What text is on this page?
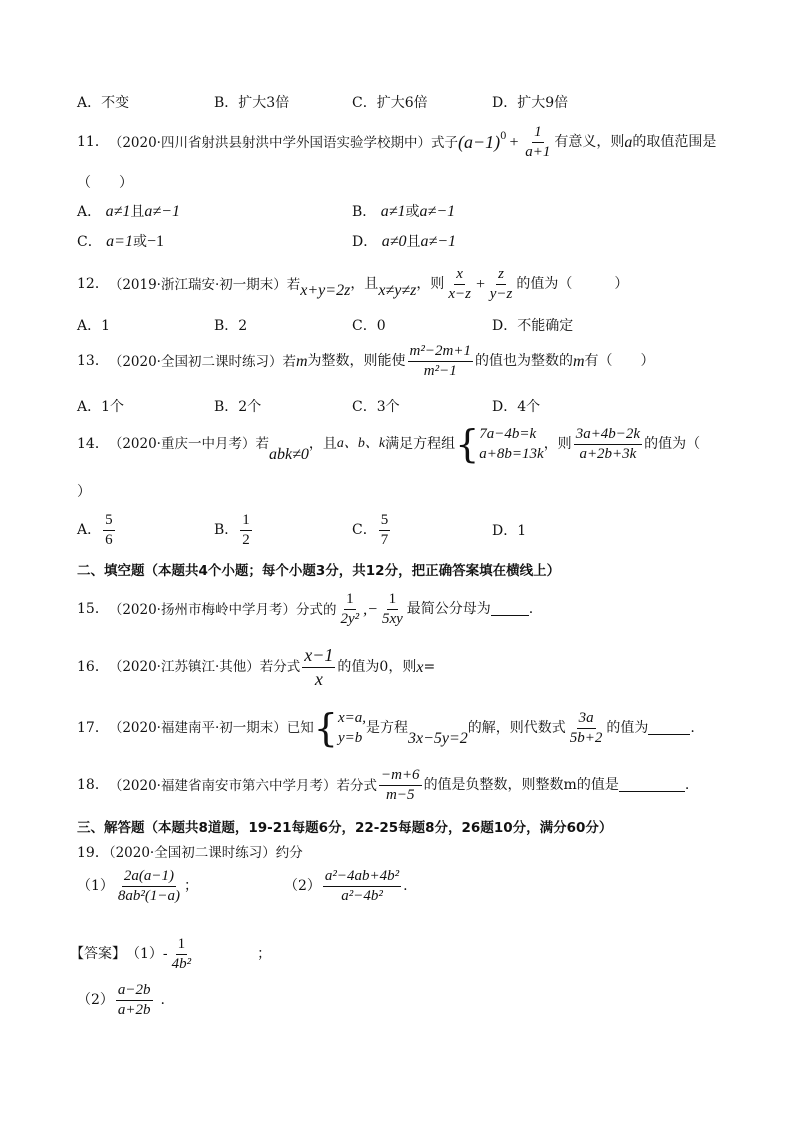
A．不变	B．扩大3倍	C．扩大6倍	D．扩大9倍
11． （2020·四川省射洪县射洪中学外国语实验学校期中）式子 $(a-1)^0 + \frac{1}{a+1}$ 有意义，则 a 的取值范围是
（　　）
A． a≠1且a≠−1	B． a≠1或a≠−1
C． a=1或−1	D． a≠0且a≠−1
12． （2019·浙江瑞安·初一期末）若 x+y=2z ，且 x≠y≠z ，则 $\frac{x}{x-z} + \frac{z}{y-z}$ 的值为（　　　）
A．1	B．2	C．0	D．不能确定
13． （2020·全国初二课时练习）若 m 为整数，则能使 $\frac{\text{m²−2m+1}}{\text{m²−1}}$ 的值也为整数的 m 有（　　）
A．1个	B．2个	C．3个	D．4个
14． （2020·重庆一中月考）若
abk≠0
，且 a、b、k 满足方程组 { 7a−4b=k
a+8b=13k
，则 $\frac{3a+4b-2k}{a+2b+3k}$ 的值为（
）
A． $\frac{5}{6}$	B． $\frac{1}{2}$	C． $\frac{5}{7}$	D．1
二、填空题（本题共4个小题；每个小题3分，共12分，把正确答案填在横线上）
15． （2020·扬州市梅岭中学月考）分式的 $\frac{1}{\text{2y²}}$ ,− $\frac{1}{5xy}$ 最简公分母为	.
16． （2020·江苏镇江·其他）若分式 $\frac{x-1}{x}$ 的值为0，则 x =
17． （2020·福建南平·初一期末）已知 { x=a,
y=b
是方程
3x−5y=2
的解，则代数式 $\frac{3a}{5b+2}$ 的值为	.
18． （2020·福建省南安市第六中学月考）若分式 $\frac{-m+6}{m-5}$ 的值是负整数，则整数m的值是	.
三、解答题（本题共8道题，19-21每题6分，22-25每题8分，26题10分，满分60分）
19．（2020·全国初二课时练习）约分
$(1) \frac{2a(a-1)}{\text{8ab²(1−a)}}$ ；	$(2) \frac{\text{a²−4ab+4b²}}{\text{a²−4b²}}$ .
【答案】 $(1) - \frac{1}{\text{4b²}}$	；
$(2) \frac{a-2b}{a+2b}$ .
